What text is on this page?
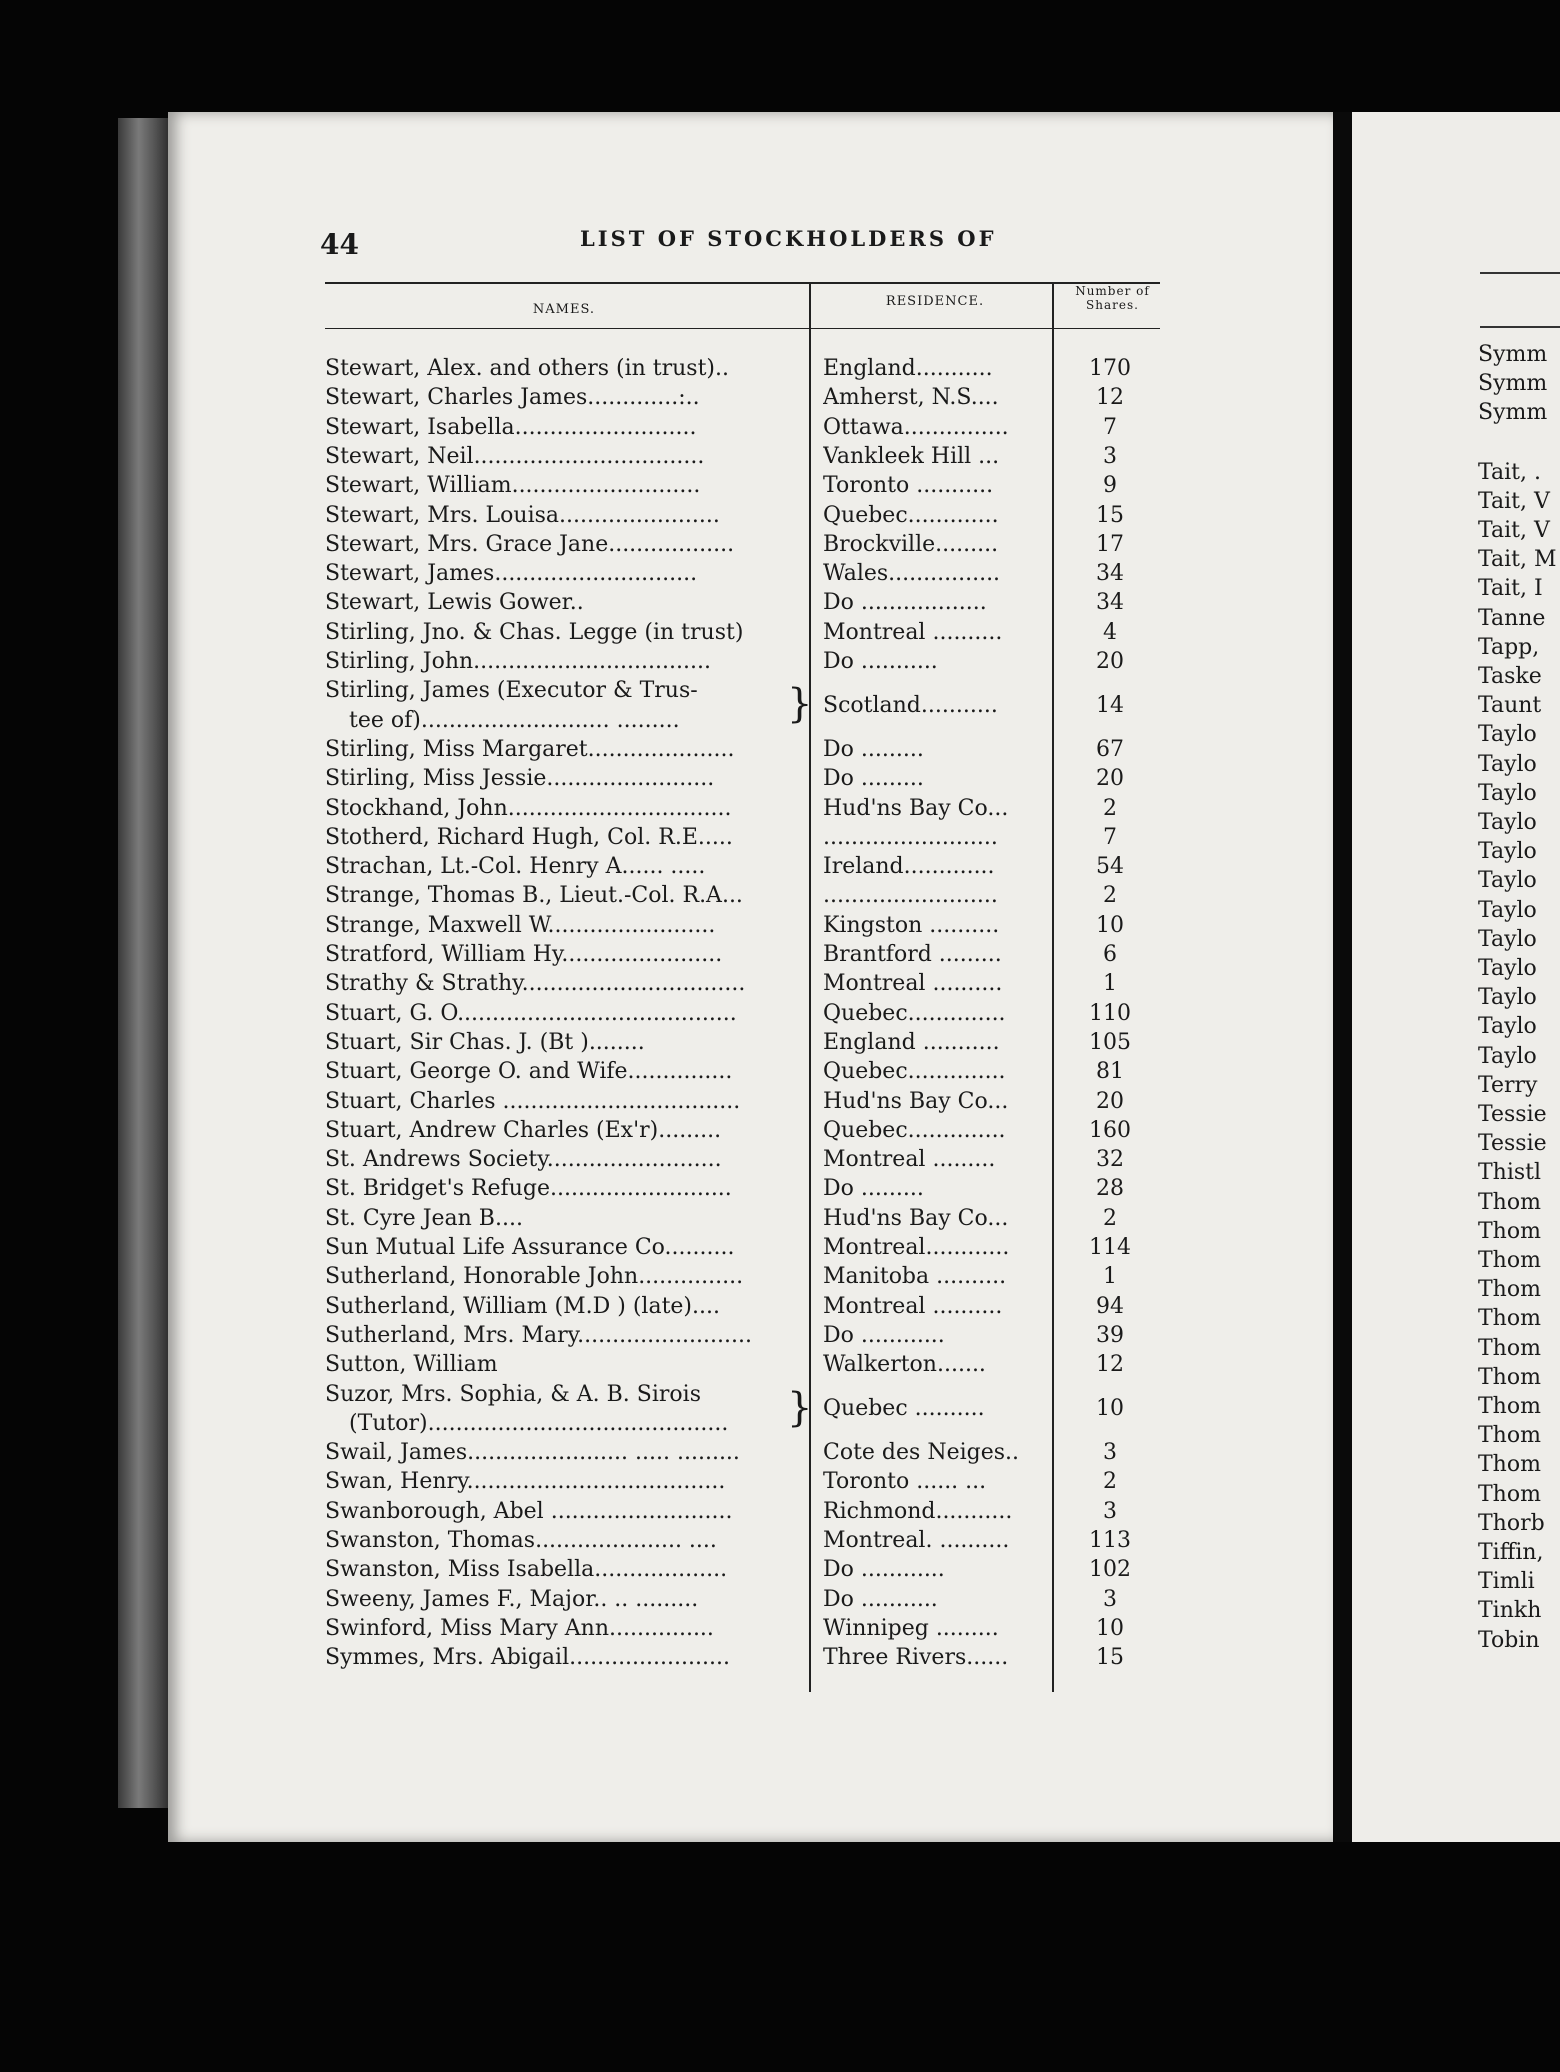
44	LIST OF STOCKHOLDERS OF
NAMES.
RESIDENCE.
Number of Shares.
Stewart, Alex. and others (in trust)..	England...........	170
Stewart, Charles James.............:..	Amherst, N.S....	12
Stewart, Isabella..........................	Ottawa...............	7
Stewart, Neil.................................	Vankleek Hill ...	3
Stewart, William...........................	Toronto ...........	9
Stewart, Mrs. Louisa.......................	Quebec.............	15
Stewart, Mrs. Grace Jane..................	Brockville.........	17
Stewart, James.............................	Wales................	34
Stewart, Lewis Gower..	Do ..................	34
Stirling, Jno. & Chas. Legge (in trust)	Montreal ..........	4
Stirling, John..................................	Do ...........	20
Stirling, James (Executor & Trus-
tee of)........................... .........	} Scotland...........	14
Stirling, Miss Margaret.....................	Do .........	67
Stirling, Miss Jessie........................	Do .........	20
Stockhand, John................................	Hud'ns Bay Co...	2
Stotherd, Richard Hugh, Col. R.E.....	.........................	7
Strachan, Lt.-Col. Henry A...... .....	Ireland.............	54
Strange, Thomas B., Lieut.-Col. R.A...	.........................	2
Strange, Maxwell W........................	Kingston ..........	10
Stratford, William Hy.......................	Brantford .........	6
Strathy & Strathy................................	Montreal ..........	1
Stuart, G. O........................................	Quebec..............	110
Stuart, Sir Chas. J. (Bt )........	England ...........	105
Stuart, George O. and Wife...............	Quebec..............	81
Stuart, Charles ..................................	Hud'ns Bay Co...	20
Stuart, Andrew Charles (Ex'r).........	Quebec..............	160
St. Andrews Society.........................	Montreal .........	32
St. Bridget's Refuge..........................	Do .........	28
St. Cyre Jean B....	Hud'ns Bay Co...	2
Sun Mutual Life Assurance Co..........	Montreal............	114
Sutherland, Honorable John...............	Manitoba ..........	1
Sutherland, William (M.D ) (late)....	Montreal ..........	94
Sutherland, Mrs. Mary.........................	Do ............	39
Sutton, William	Walkerton.......	12
Suzor, Mrs. Sophia, & A. B. Sirois
(Tutor)...........................................	} Quebec ..........	10
Swail, James....................... ..... .........	Cote des Neiges..	3
Swan, Henry.....................................	Toronto ...... ...	2
Swanborough, Abel ..........................	Richmond...........	3
Swanston, Thomas..................... ....	Montreal. ..........	113
Swanston, Miss Isabella...................	Do ............	102
Sweeny, James F., Major.. .. .........	Do ...........	3
Swinford, Miss Mary Ann...............	Winnipeg .........	10
Symmes, Mrs. Abigail.......................	Three Rivers......	15
Symm
Symm
Symm
Tait, .
Tait, V
Tait, V
Tait, M
Tait, I
Tanne
Tapp,
Taske
Taunt
Taylo
Taylo
Taylo
Taylo
Taylo
Taylo
Taylo
Taylo
Taylo
Taylo
Taylo
Taylo
Terry
Tessie
Tessie
Thistl
Thom
Thom
Thom
Thom
Thom
Thom
Thom
Thom
Thom
Thom
Thom
Thorb
Tiffin,
Timli
Tinkh
Tobin
